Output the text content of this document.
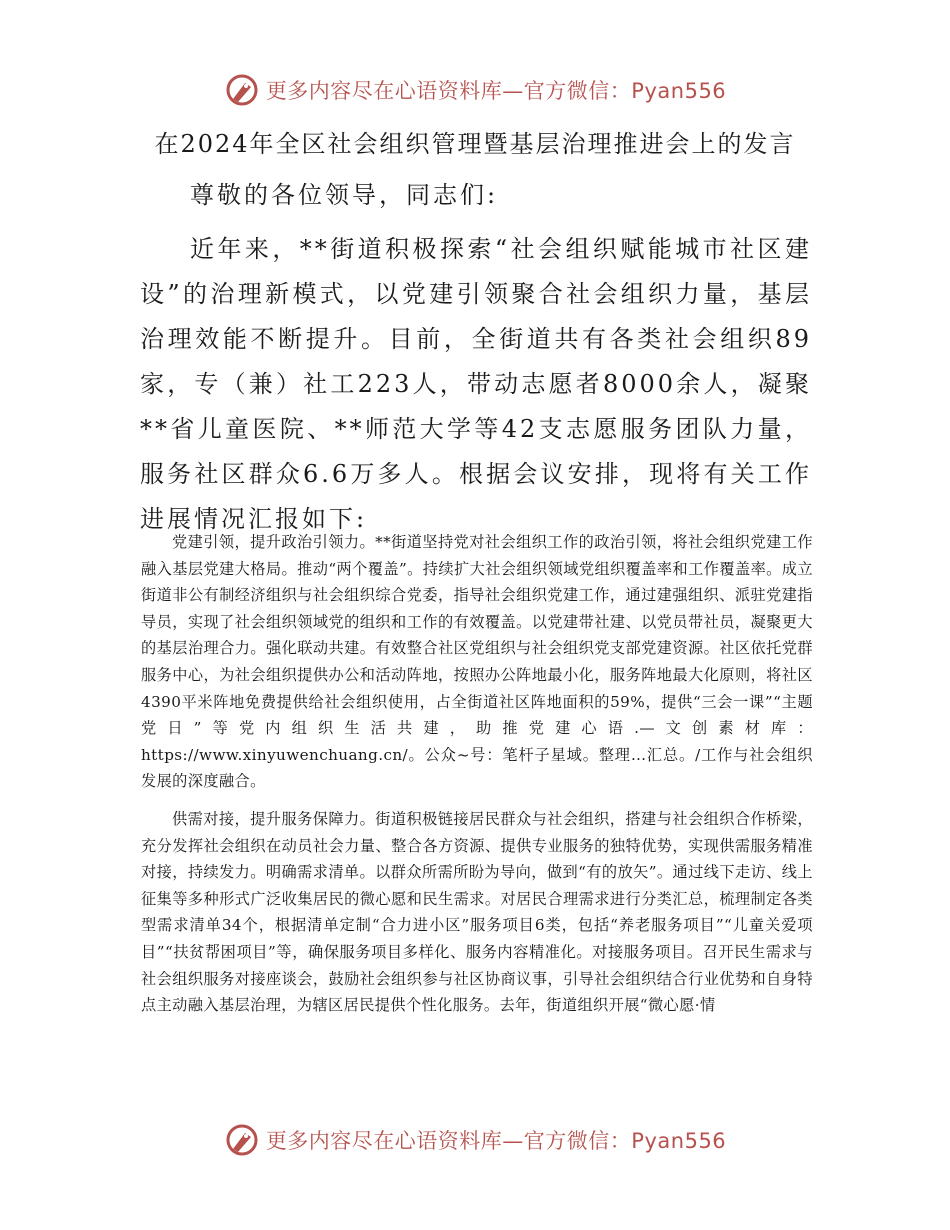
更多内容尽在心语资料库—官方微信：Pyan556
在2024年全区社会组织管理暨基层治理推进会上的发言
尊敬的各位领导，同志们:

近年来，**街道积极探索“社会组织赋能城市社区建设”的治理新模式，以党建引领聚合社会组织力量，基层治理效能不断提升。目前，全街道共有各类社会组织89家，专（兼）社工223人，带动志愿者8000余人，凝聚**省儿童医院、**师范大学等42支志愿服务团队力量，服务社区群众6.6万多人。根据会议安排，现将有关工作进展情况汇报如下:

党建引领，提升政治引领力。**街道坚持党对社会组织工作的政治引领，将社会组织党建工作融入基层党建大格局。推动“两个覆盖”。持续扩大社会组织领域党组织覆盖率和工作覆盖率。成立街道非公有制经济组织与社会组织综合党委，指导社会组织党建工作，通过建强组织、派驻党建指导员，实现了社会组织领域党的组织和工作的有效覆盖。以党建带社建、以党员带社员，凝聚更大的基层治理合力。强化联动共建。有效整合社区党组织与社会组织党支部党建资源。社区依托党群服务中心，为社会组织提供办公和活动阵地，按照办公阵地最小化，服务阵地最大化原则，将社区4390平米阵地免费提供给社会组织使用，占全街道社区阵地面积的59%，提供“三会一课”“主题党日”等党内组织生活共建，助推党建心语.—文创素材库：https://www.xinyuwenchuang.cn/。公众~号：笔杆子星域。整理…汇总。/工作与社会组织发展的深度融合。

供需对接，提升服务保障力。街道积极链接居民群众与社会组织，搭建与社会组织合作桥梁，充分发挥社会组织在动员社会力量、整合各方资源、提供专业服务的独特优势，实现供需服务精准对接，持续发力。明确需求清单。以群众所需所盼为导向，做到“有的放矢”。通过线下走访、线上征集等多种形式广泛收集居民的微心愿和民生需求。对居民合理需求进行分类汇总，梳理制定各类型需求清单34个，根据清单定制“合力进小区”服务项目6类，包括“养老服务项目”“儿童关爱项目”“扶贫帮困项目”等，确保服务项目多样化、服务内容精准化。对接服务项目。召开民生需求与社会组织服务对接座谈会，鼓励社会组织参与社区协商议事，引导社会组织结合行业优势和自身特点主动融入基层治理，为辖区居民提供个性化服务。去年，街道组织开展“微心愿·情

更多内容尽在心语资料库—官方微信：Pyan556
